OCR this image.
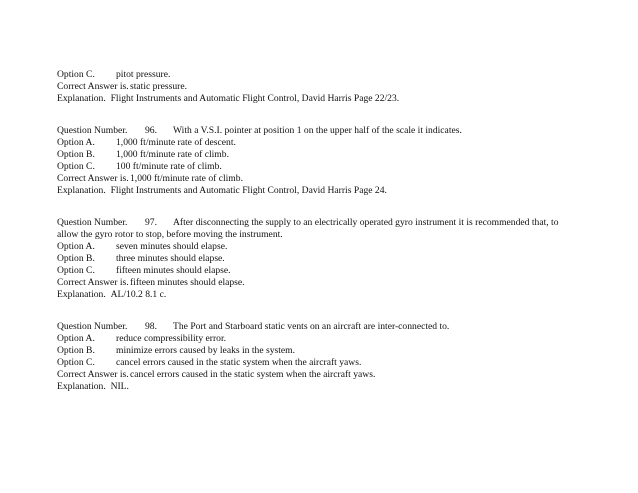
Option C. pitot pressure.
Correct Answer is.static pressure.
Explanation. Flight Instruments and Automatic Flight Control, David Harris Page 22/23.
Question Number. 96. With a V.S.I. pointer at position 1 on the upper half of the scale it indicates.
Option A. 1,000 ft/minute rate of descent.
Option B. 1,000 ft/minute rate of climb.
Option C. 100 ft/minute rate of climb.
Correct Answer is.1,000 ft/minute rate of climb.
Explanation. Flight Instruments and Automatic Flight Control, David Harris Page 24.
Question Number. 97. After disconnecting the supply to an electrically operated gyro instrument it is recommended that, to allow the gyro rotor to stop, before moving the instrument.
Option A. seven minutes should elapse.
Option B. three minutes should elapse.
Option C. fifteen minutes should elapse.
Correct Answer is.fifteen minutes should elapse.
Explanation. AL/10.2 8.1 c.
Question Number. 98. The Port and Starboard static vents on an aircraft are inter-connected to.
Option A. reduce compressibility error.
Option B. minimize errors caused by leaks in the system.
Option C. cancel errors caused in the static system when the aircraft yaws.
Correct Answer is.cancel errors caused in the static system when the aircraft yaws.
Explanation. NIL.
